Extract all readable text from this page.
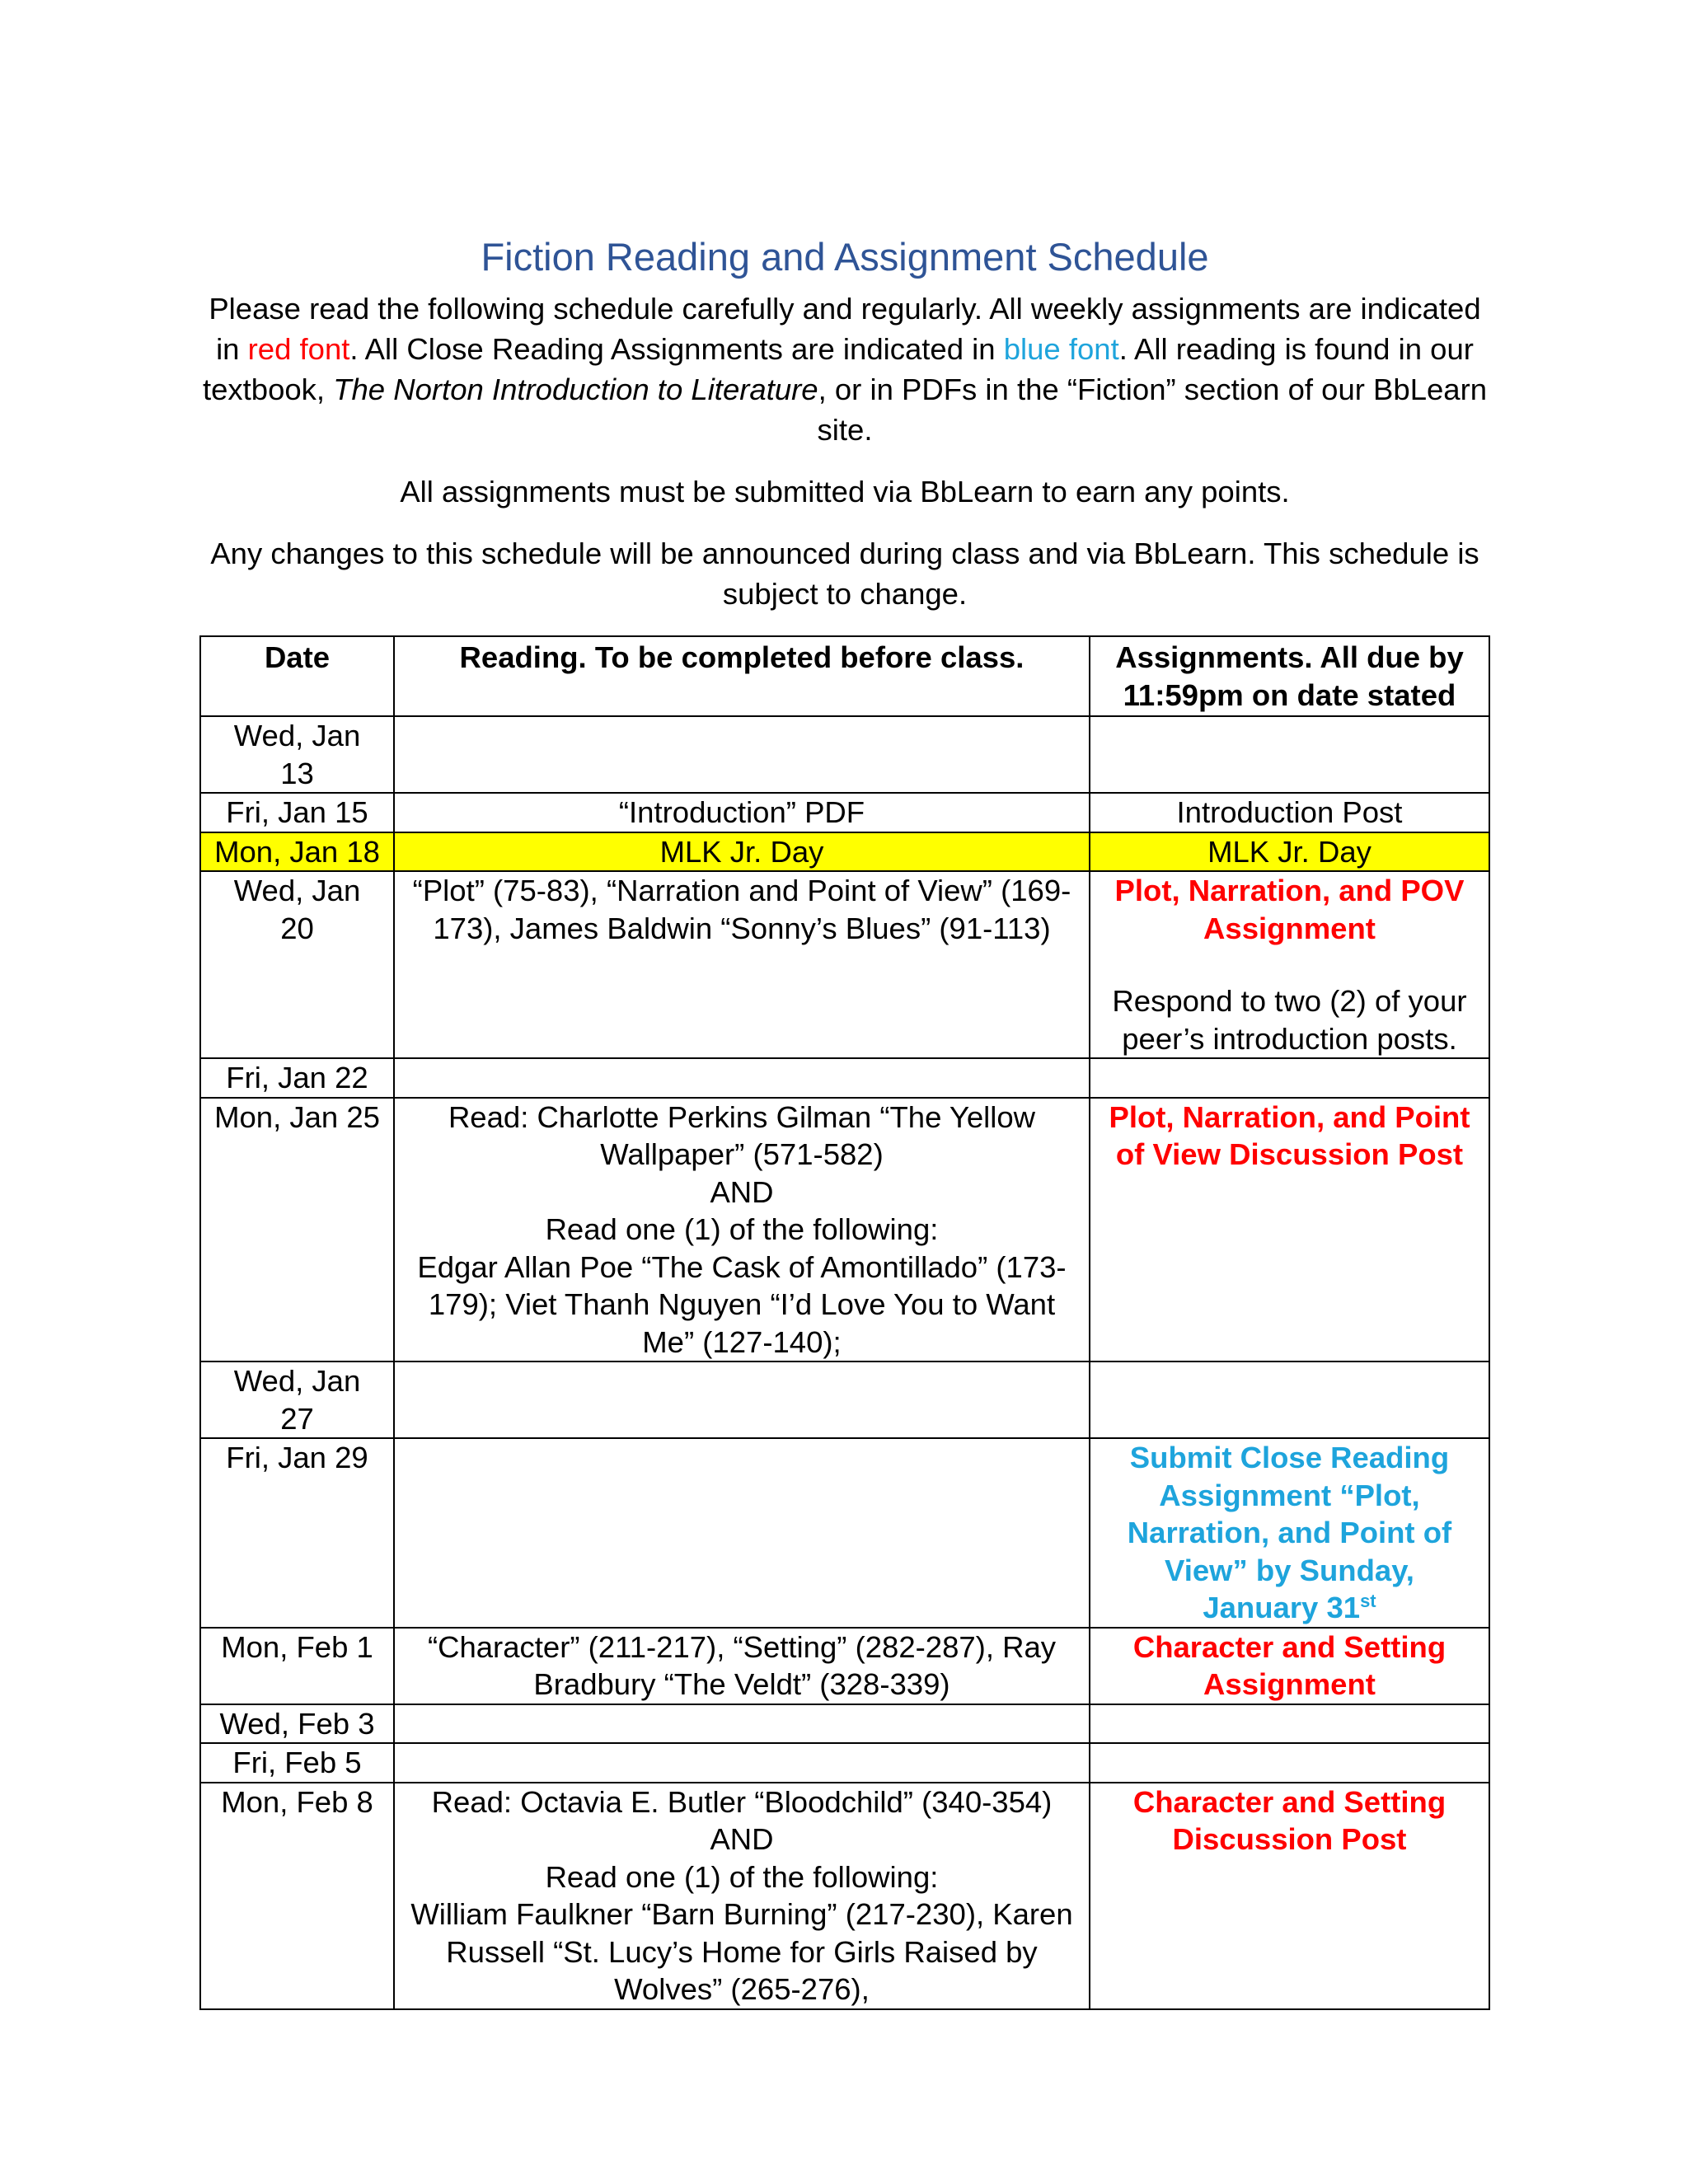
Fiction Reading and Assignment Schedule

Please read the following schedule carefully and regularly. All weekly assignments are indicated in red font. All Close Reading Assignments are indicated in blue font. All reading is found in our textbook, The Norton Introduction to Literature, or in PDFs in the “Fiction” section of our BbLearn site.

All assignments must be submitted via BbLearn to earn any points.

Any changes to this schedule will be announced during class and via BbLearn. This schedule is subject to change.

Date	Reading. To be completed before class.	Assignments. All due by 11:59pm on date stated
Wed, Jan 13		
Fri, Jan 15	“Introduction” PDF	Introduction Post
Mon, Jan 18	MLK Jr. Day	MLK Jr. Day
Wed, Jan 20	“Plot” (75-83), “Narration and Point of View” (169-173), James Baldwin “Sonny’s Blues” (91-113)	Plot, Narration, and POV Assignment
Respond to two (2) of your peer’s introduction posts.

Fri, Jan 22		
Mon, Jan 25	Read: Charlotte Perkins Gilman “The Yellow Wallpaper” (571-582)
AND
Read one (1) of the following:
Edgar Allan Poe “The Cask of Amontillado” (173-179); Viet Thanh Nguyen “I’d Love You to Want Me” (127-140);	Plot, Narration, and Point of View Discussion Post
Wed, Jan 27		
Fri, Jan 29		Submit Close Reading Assignment “Plot, Narration, and Point of View” by Sunday, January 31st
Mon, Feb 1	“Character” (211-217), “Setting” (282-287), Ray Bradbury “The Veldt” (328-339)	Character and Setting Assignment
Wed, Feb 3		
Fri, Feb 5		
Mon, Feb 8	Read: Octavia E. Butler “Bloodchild” (340-354)
AND
Read one (1) of the following:
William Faulkner “Barn Burning” (217-230), Karen Russell “St. Lucy’s Home for Girls Raised by Wolves” (265-276),	Character and Setting Discussion Post
